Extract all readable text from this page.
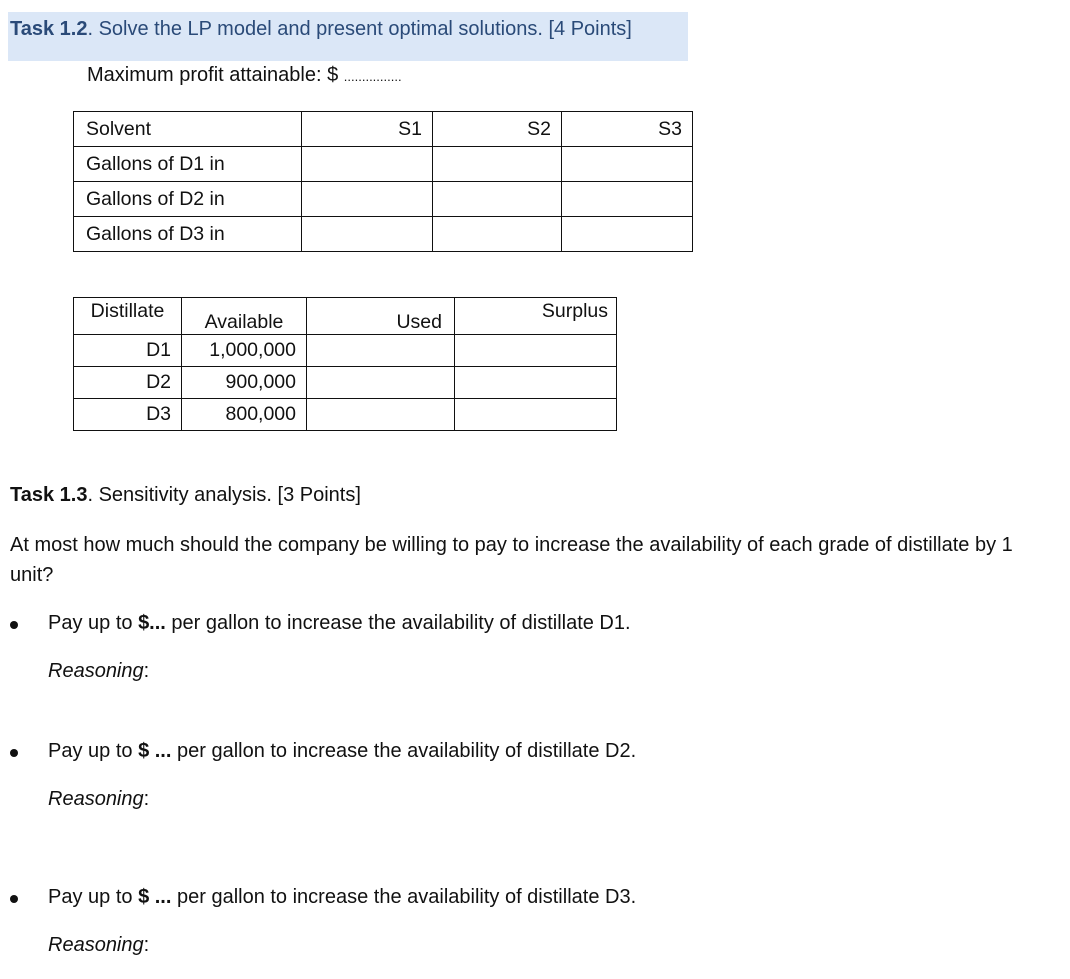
Task 1.2. Solve the LP model and present optimal solutions. [4 Points]
Maximum profit attainable: $ ................
Solvent	S1	S2	S3
Gallons of D1 in			
Gallons of D2 in			
Gallons of D3 in			
Distillate	Available	Used	Surplus
D1	1,000,000		
D2	900,000		
D3	800,000		
Task 1.3. Sensitivity analysis. [3 Points]
At most how much should the company be willing to pay to increase the availability of each grade of distillate by 1 unit?
Pay up to $... per gallon to increase the availability of distillate D1.
Reasoning:
Pay up to $ ... per gallon to increase the availability of distillate D2.
Reasoning:
Pay up to $ ... per gallon to increase the availability of distillate D3.
Reasoning:
